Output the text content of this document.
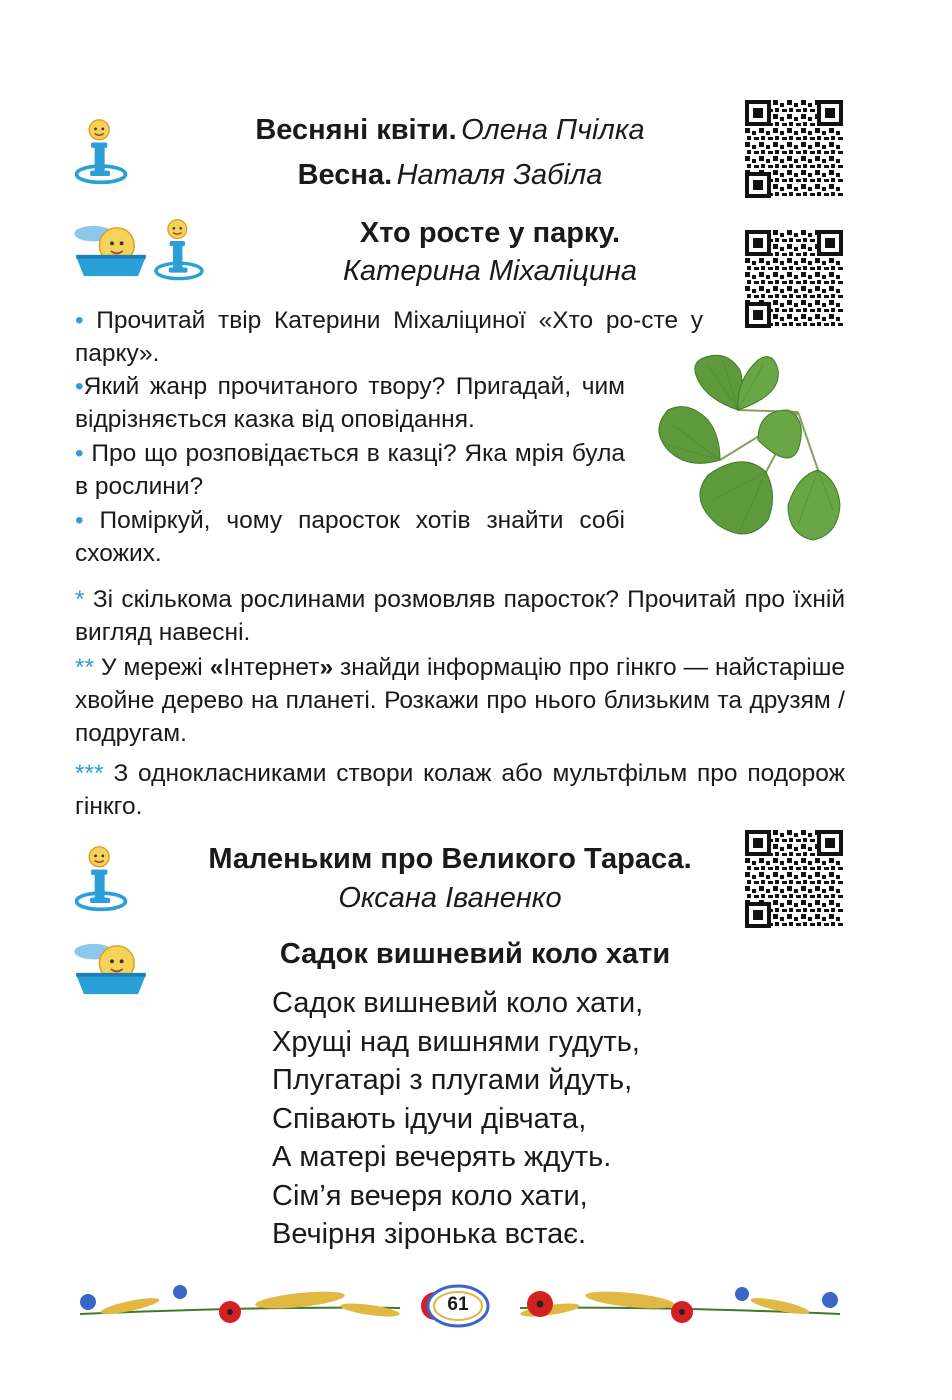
Весняні квіти. Олена Пчілка
Весна. Наталя Забіла
Хто росте у парку.
Катерина Міхаліцина
• Прочитай твір Катерини Міхаліциної «Хто ро-сте у парку».
•Який жанр прочитаного твору? Пригадай, чим відрізняється казка від оповідання.
• Про що розповідається в казці? Яка мрія була в рослини?
• Поміркуй, чому паросток хотів знайти собі схожих.
* Зі скількома рослинами розмовляв паросток? Прочитай про їхній вигляд навесні.
** У мережі «Інтернет» знайди інформацію про гінкго — найстаріше хвойне дерево на планеті. Розкажи про нього близьким та друзям / подругам.
*** З однокласниками створи колаж або мультфільм про подорож гінкго.
Маленьким про Великого Тараса.
Оксана Іваненко
Садок вишневий коло хати
Садок вишневий коло хати,
Хрущі над вишнями гудуть,
Плугатарі з плугами йдуть,
Співають ідучи дівчата,
А матері вечерять ждуть.
Сім’я вечеря коло хати,
Вечірня зіронька встає.
61
